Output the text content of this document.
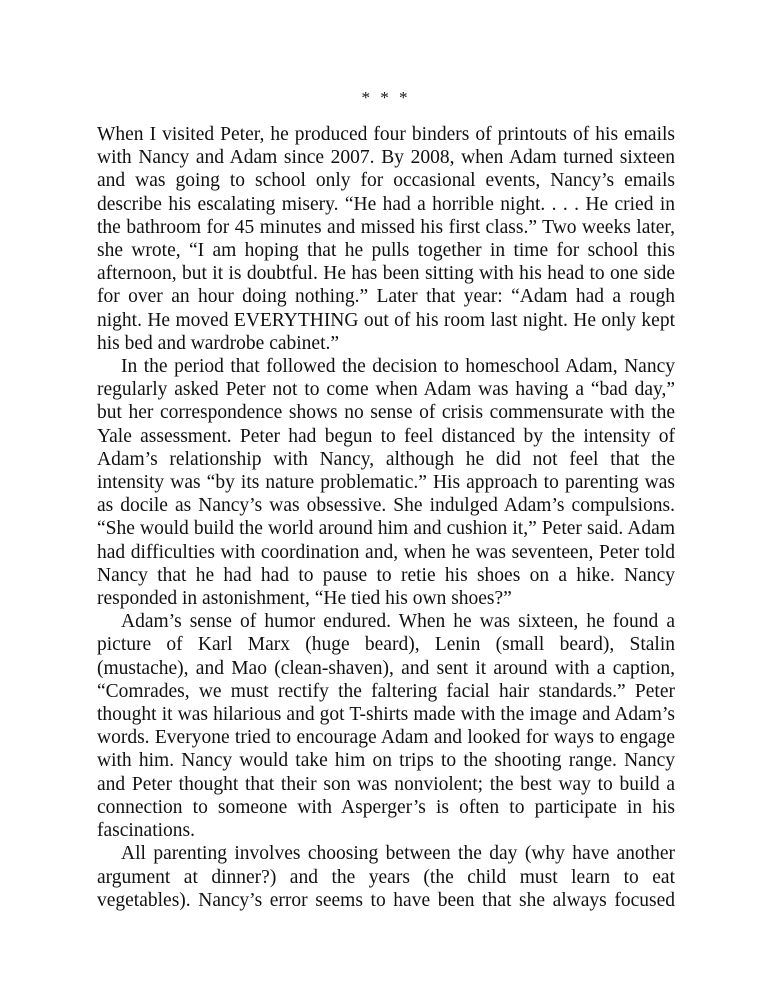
* * *

When I visited Peter, he produced four binders of printouts of his emails with Nancy and Adam since 2007. By 2008, when Adam turned sixteen and was going to school only for occasional events, Nancy’s emails describe his escalating misery. “He had a horrible night. . . . He cried in the bathroom for 45 minutes and missed his first class.” Two weeks later, she wrote, “I am hoping that he pulls together in time for school this afternoon, but it is doubtful. He has been sitting with his head to one side for over an hour doing nothing.” Later that year: “Adam had a rough night. He moved EVERYTHING out of his room last night. He only kept his bed and wardrobe cabinet.”

In the period that followed the decision to homeschool Adam, Nancy regularly asked Peter not to come when Adam was having a “bad day,” but her correspondence shows no sense of crisis commensurate with the Yale assessment. Peter had begun to feel distanced by the intensity of Adam’s relationship with Nancy, although he did not feel that the intensity was “by its nature problematic.” His approach to parenting was as docile as Nancy’s was obsessive. She indulged Adam’s compulsions. “She would build the world around him and cushion it,” Peter said. Adam had difficulties with coordination and, when he was seventeen, Peter told Nancy that he had had to pause to retie his shoes on a hike. Nancy responded in astonishment, “He tied his own shoes?”

Adam’s sense of humor endured. When he was sixteen, he found a picture of Karl Marx (huge beard), Lenin (small beard), Stalin (mustache), and Mao (clean-shaven), and sent it around with a caption, “Comrades, we must rectify the faltering facial hair standards.” Peter thought it was hilarious and got T-shirts made with the image and Adam’s words. Everyone tried to encourage Adam and looked for ways to engage with him. Nancy would take him on trips to the shooting range. Nancy and Peter thought that their son was nonviolent; the best way to build a connection to someone with Asperger’s is often to participate in his fascinations.

All parenting involves choosing between the day (why have another argument at dinner?) and the years (the child must learn to eat vegetables). Nancy’s error seems to have been that she always focused
